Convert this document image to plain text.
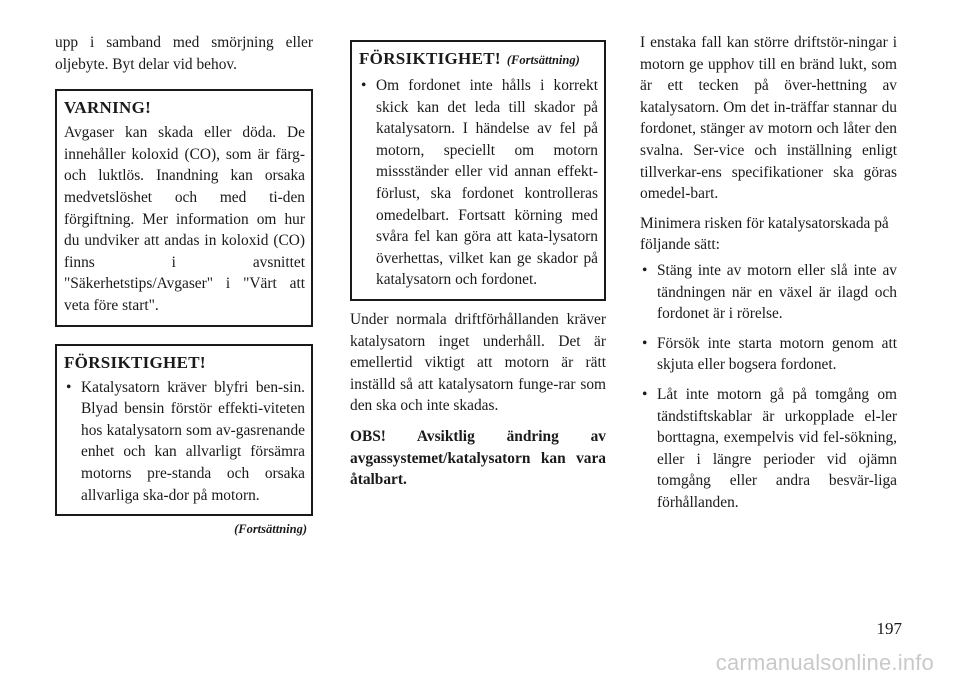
upp i samband med smörjning eller oljebyte. Byt delar vid behov.

VARNING!

Avgaser kan skada eller döda. De innehåller koloxid (CO), som är färg- och luktlös. Inandning kan orsaka medvetslöshet och med ti-den förgiftning. Mer information om hur du undviker att andas in koloxid (CO) finns i avsnittet "Säkerhetstips/Avgaser" i "Värt att veta före start".

FÖRSIKTIGHET!
• Katalysatorn kräver blyfri ben-sin. Blyad bensin förstör effekti-viteten hos katalysatorn som av-gasrenande enhet och kan allvarligt försämra motorns pre-standa och orsaka allvarliga ska-dor på motorn.
(Fortsättning)
FÖRSIKTIGHET! (Fortsättning)
• Om fordonet inte hålls i korrekt skick kan det leda till skador på katalysatorn. I händelse av fel på motorn, speciellt om motorn missständer eller vid annan effekt-förlust, ska fordonet kontrolleras omedelbart. Fortsatt körning med svåra fel kan göra att kata-lysatorn överhettas, vilket kan ge skador på katalysatorn och fordonet.

Under normala driftförhållanden kräver katalysatorn inget underhåll. Det är emellertid viktigt att motorn är rätt inställd så att katalysatorn funge-rar som den ska och inte skadas.

OBS! Avsiktlig ändring av avgassystemet/katalysatorn kan vara åtalbart.

I enstaka fall kan större driftstör-ningar i motorn ge upphov till en bränd lukt, som är ett tecken på över-hettning av katalysatorn. Om det in-träffar stannar du fordonet, stänger av motorn och låter den svalna. Ser-vice och inställning enligt tillverkar-ens specifikationer ska göras omedel-bart.

Minimera risken för katalysatorskada på följande sätt:

• Stäng inte av motorn eller slå inte av tändningen när en växel är ilagd och fordonet är i rörelse.
• Försök inte starta motorn genom att skjuta eller bogsera fordonet.
• Låt inte motorn gå på tomgång om tändstiftskablar är urkopplade el-ler borttagna, exempelvis vid fel-sökning, eller i längre perioder vid ojämn tomgång eller andra besvär-liga förhållanden.
197
carmanualsonline.info
